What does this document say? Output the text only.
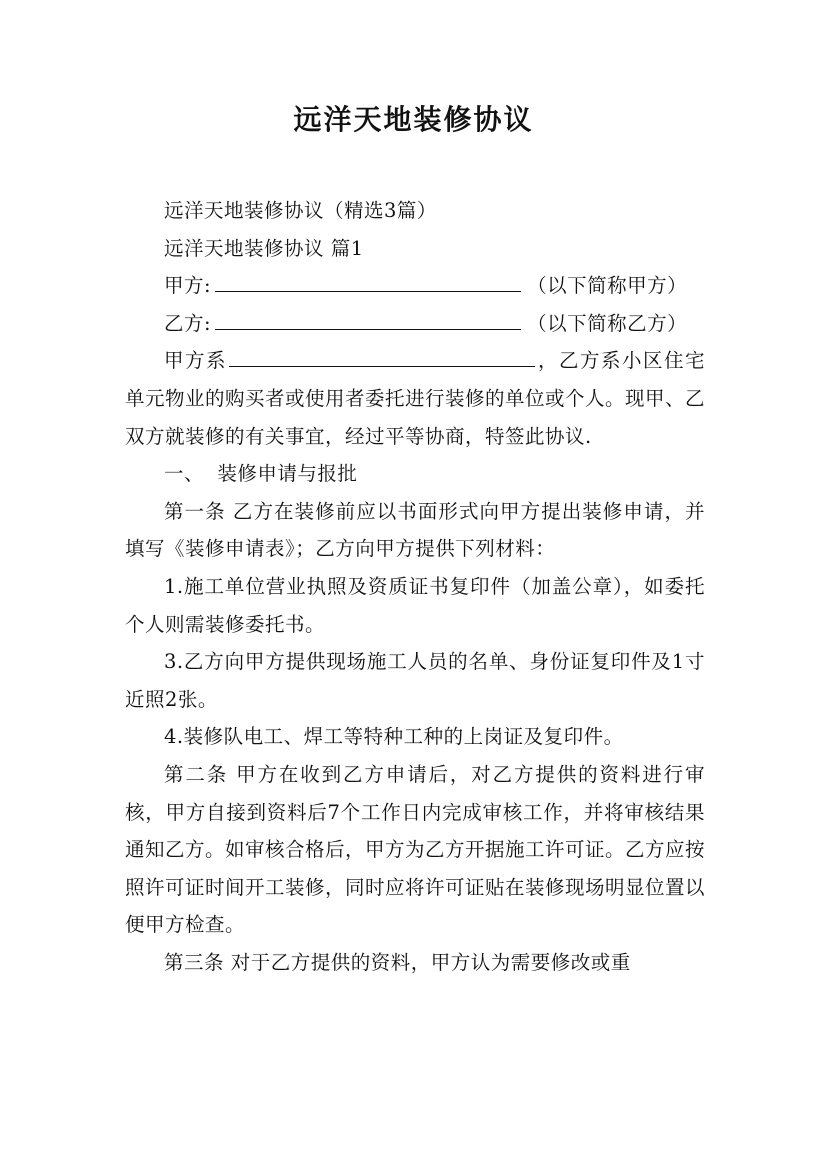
远洋天地装修协议

远洋天地装修协议（精选3篇）

远洋天地装修协议 篇1

甲方:	（以下简称甲方）

乙方:	（以下简称乙方）

甲方系	，乙方系小区住宅单元物业的购买者或使用者委托进行装修的单位或个人。现甲、乙双方就装修的有关事宜，经过平等协商，特签此协议.

一、  装修申请与报批

第一条 乙方在装修前应以书面形式向甲方提出装修申请，并填写《装修申请表》；乙方向甲方提供下列材料：

1.施工单位营业执照及资质证书复印件（加盖公章），如委托个人则需装修委托书。

3.乙方向甲方提供现场施工人员的名单、身份证复印件及1寸近照2张。

4.装修队电工、焊工等特种工种的上岗证及复印件。

第二条 甲方在收到乙方申请后，对乙方提供的资料进行审核，甲方自接到资料后7个工作日内完成审核工作，并将审核结果通知乙方。如审核合格后，甲方为乙方开据施工许可证。乙方应按照许可证时间开工装修，同时应将许可证贴在装修现场明显位置以便甲方检查。

第三条 对于乙方提供的资料，甲方认为需要修改或重
